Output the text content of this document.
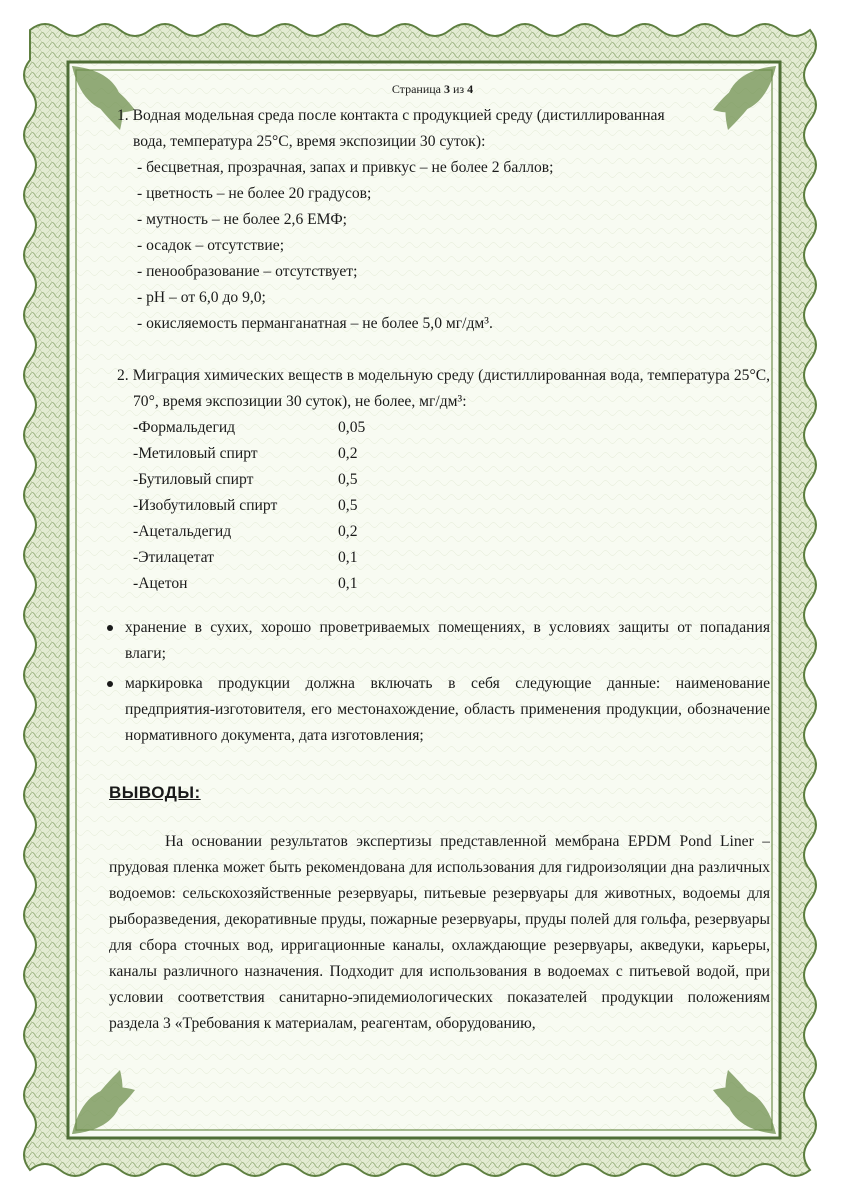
Страница 3 из 4
1. Водная модельная среда после контакта с продукцией среду (дистиллированная
вода, температура 25°С, время экспозиции 30 суток):
- бесцветная, прозрачная, запах и привкус – не более 2 баллов;
- цветность – не более 20 градусов;
- мутность – не более 2,6 ЕМФ;
- осадок – отсутствие;
- пенообразование – отсутствует;
- pH – от 6,0 до 9,0;
- окисляемость перманганатная – не более 5,0 мг/дм³.
2. Миграция химических веществ в модельную среду (дистиллированная вода, температура 25°С, 70°, время экспозиции 30 суток), не более, мг/дм³:
-Формальдегид	0,05
-Метиловый спирт	0,2
-Бутиловый спирт	0,5
-Изобутиловый спирт	0,5
-Ацетальдегид	0,2
-Этилацетат	0,1
-Ацетон	0,1
хранение в сухих, хорошо проветриваемых помещениях, в условиях защиты от попадания влаги;
маркировка продукции должна включать в себя следующие данные: наименование предприятия-изготовителя, его местонахождение, область применения продукции, обозначение нормативного документа, дата изготовления;
ВЫВОДЫ:
На основании результатов экспертизы представленной мембрана EPDM Pond Liner – прудовая пленка может быть рекомендована для использования для гидроизоляции дна различных водоемов: сельскохозяйственные резервуары, питьевые резервуары для животных, водоемы для рыборазведения, декоративные пруды, пожарные резервуары, пруды полей для гольфа, резервуары для сбора сточных вод, ирригационные каналы, охлаждающие резервуары, акведуки, карьеры, каналы различного назначения. Подходит для использования в водоемах с питьевой водой, при условии соответствия санитарно-эпидемиологических показателей продукции положениям раздела 3 «Требования к материалам, реагентам, оборудованию,
